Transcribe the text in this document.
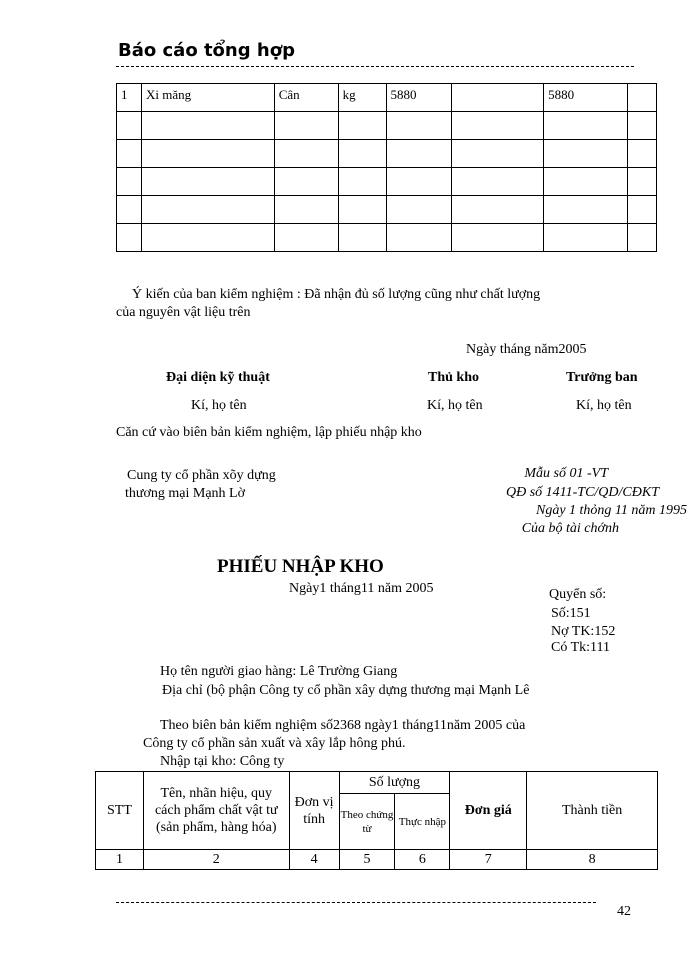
Báo cáo tổng hợp
1	Xi măng	Cân	kg	5880		5880	

Ý kiến của ban kiểm nghiệm : Đã nhận đủ số lượng cũng như chất lượng
của nguyên vật liệu trên
Ngày tháng năm2005
Đại diện kỹ thuật	Thủ kho	Trưởng ban
Kí, họ tên	Kí, họ tên	Kí, họ tên
Căn cứ vào biên bản kiểm nghiệm, lập phiếu nhập kho
Cung ty cổ phần xõy dựng
thương mại Mạnh Lờ
Mẫu số 01 -VT
QĐ số 1411-TC/QD/CĐKT
Ngày 1 thỏng 11 năm 1995
Của bộ tài chớnh
PHIẾU NHẬP KHO
Ngày1 tháng11 năm 2005	Quyển số:
Số:151
Nợ TK:152
Có Tk:111
Họ tên người giao hàng: Lê Trường Giang
Địa chỉ (bộ phận Công ty cổ phần xây dựng thương mại Mạnh Lê
Theo biên bản kiểm nghiệm số2368 ngày1 tháng11năm 2005 của
Công ty cổ phần sản xuất và xây lắp hông phú.
Nhập tại kho: Công ty
STT	Tên, nhãn hiệu, quy cách phẩm chất vật tư (sản phẩm, hàng hóa)	Đơn vị tính	Số lượng		Đơn giá	Thành tiền
			Theo chứng từ	Thực nhập		
1	2	4	5	6	7	8
42
